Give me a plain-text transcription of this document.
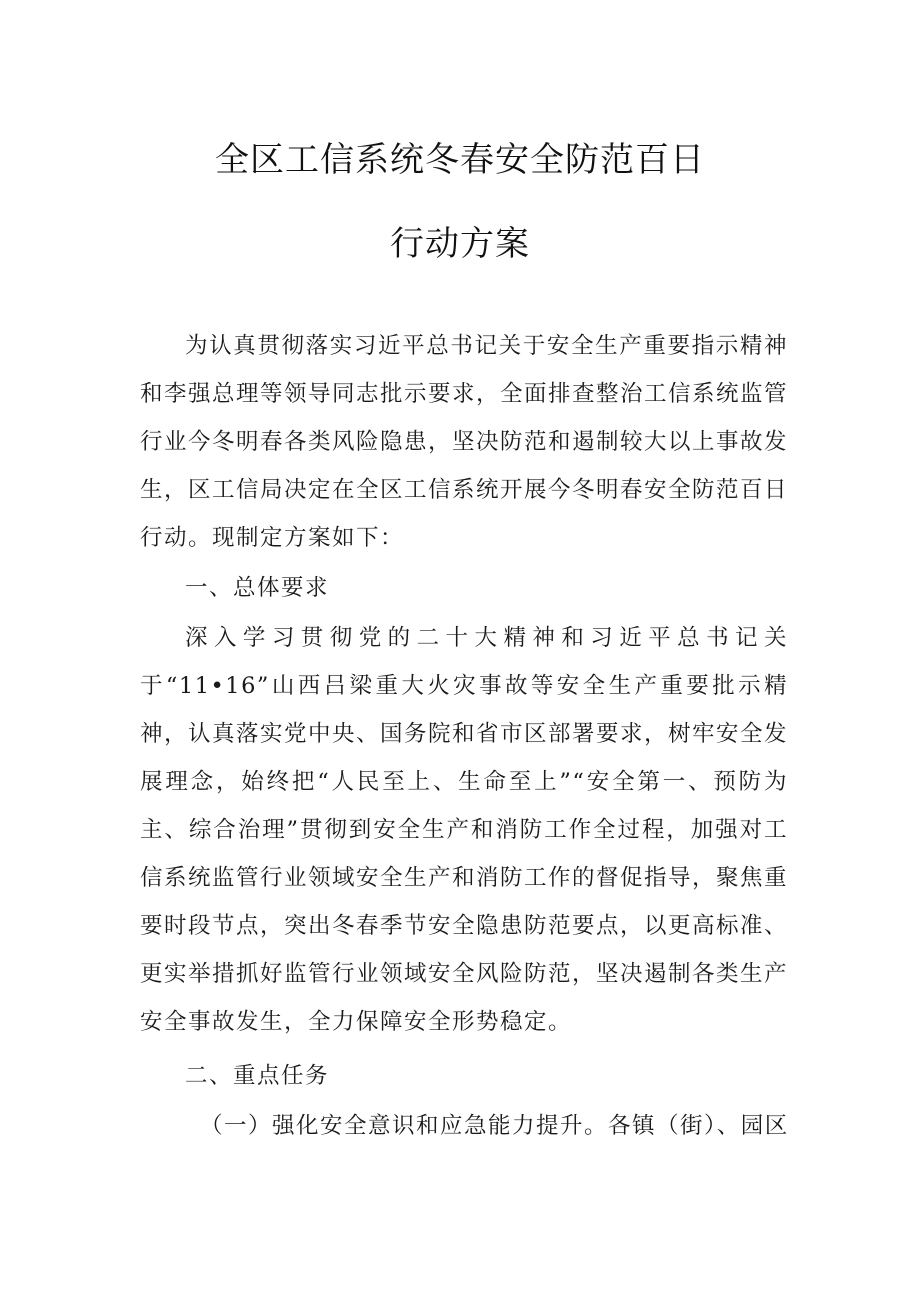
全区工信系统冬春安全防范百日
行动方案

为认真贯彻落实习近平总书记关于安全生产重要指示精神和李强总理等领导同志批示要求，全面排查整治工信系统监管行业今冬明春各类风险隐患，坚决防范和遏制较大以上事故发生，区工信局决定在全区工信系统开展今冬明春安全防范百日行动。现制定方案如下：

一、总体要求

深入学习贯彻党的二十大精神和习近平总书记关于“11•16”山西吕梁重大火灾事故等安全生产重要批示精神，认真落实党中央、国务院和省市区部署要求，树牢安全发展理念，始终把“人民至上、生命至上”“安全第一、预防为主、综合治理”贯彻到安全生产和消防工作全过程，加强对工信系统监管行业领域安全生产和消防工作的督促指导，聚焦重要时段节点，突出冬春季节安全隐患防范要点，以更高标准、更实举措抓好监管行业领域安全风险防范，坚决遏制各类生产安全事故发生，全力保障安全形势稳定。

二、重点任务

（一）强化安全意识和应急能力提升。各镇（街）、园区
